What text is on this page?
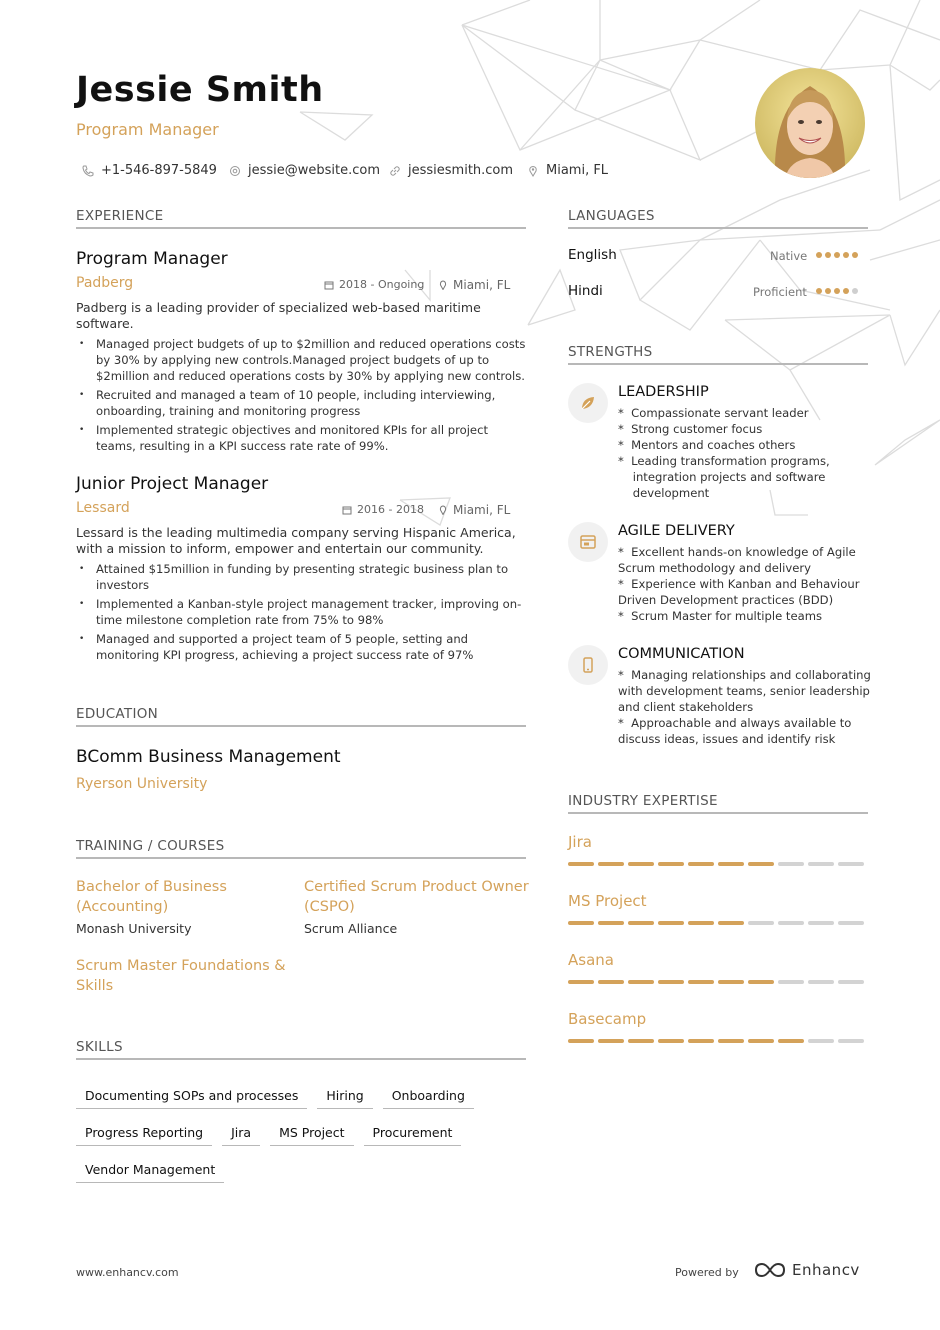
Jessie Smith
Program Manager
+1-546-897-5849 jessie@website.com jessiesmith.com	Miami, FL
EXPERIENCE
Program Manager
Padberg	2018 - Ongoing Miami, FL
Padberg is a leading provider of specialized web-based maritime software.
• Managed project budgets of up to $2million and reduced operations costs by 30% by applying new controls.Managed project budgets of up to $2million and reduced operations costs by 30% by applying new controls.
• Recruited and managed a team of 10 people, including interviewing, onboarding, training and monitoring progress
• Implemented strategic objectives and monitored KPIs for all project teams, resulting in a KPI success rate rate of 99%.
Junior Project Manager
Lessard	2016 - 2018 Miami, FL
Lessard is the leading multimedia company serving Hispanic America, with a mission to inform, empower and entertain our community.
• Attained $15million in funding by presenting strategic business plan to investors
• Implemented a Kanban-style project management tracker, improving on-time milestone completion rate from 75% to 98%
• Managed and supported a project team of 5 people, setting and monitoring KPI progress, achieving a project success rate of 97%
EDUCATION
BComm Business Management
Ryerson University
TRAINING / COURSES
Bachelor of Business (Accounting)
Monash University
Certified Scrum Product Owner (CSPO)
Scrum Alliance
Scrum Master Foundations & Skills
SKILLS
Documenting SOPs and processes	Hiring	Onboarding
Progress Reporting	Jira	MS Project	Procurement
Vendor Management
LANGUAGES
English	Native
Hindi	Proficient
STRENGTHS
LEADERSHIP
*  Compassionate servant leader
*  Strong customer focus
*  Mentors and coaches others
*  Leading transformation programs,
integration projects and software
development
AGILE DELIVERY
*  Excellent hands-on knowledge of Agile
Scrum methodology and delivery
*  Experience with Kanban and Behaviour
Driven Development practices (BDD)
*  Scrum Master for multiple teams
COMMUNICATION
*  Managing relationships and collaborating
with development teams, senior leadership
and client stakeholders
*  Approachable and always available to
discuss ideas, issues and identify risk
INDUSTRY EXPERTISE
Jira
MS Project
Asana
Basecamp
www.enhancv.com	Powered by	Enhancv
